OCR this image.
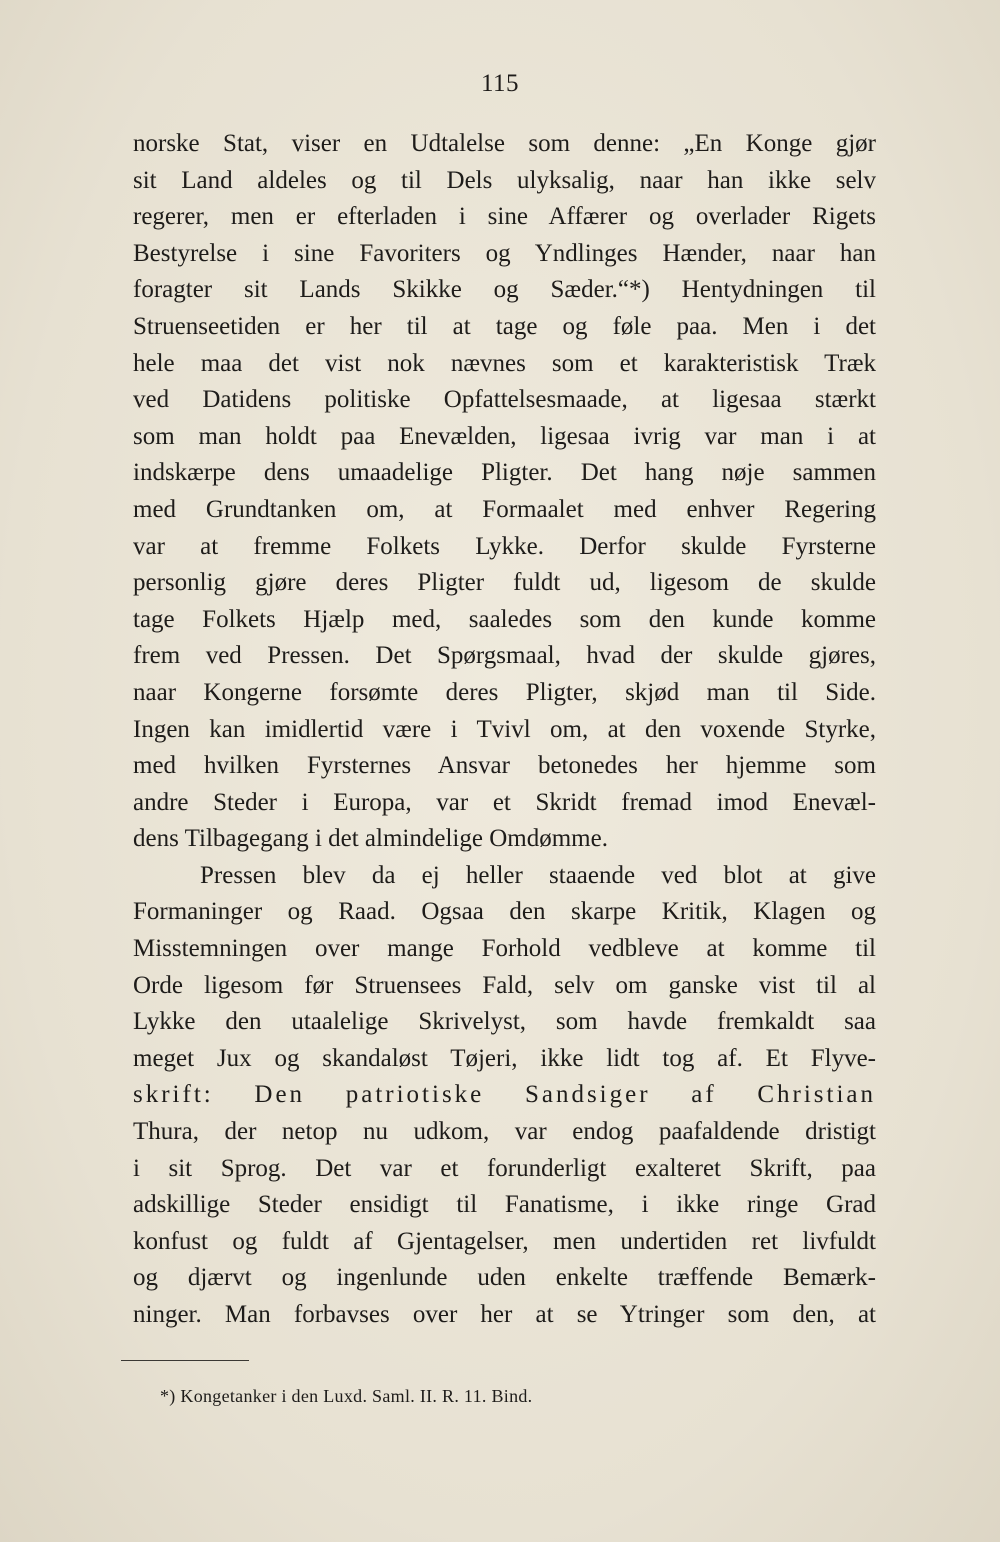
115
norske Stat, viser en Udtalelse som denne: „En Konge gjør
sit Land aldeles og til Dels ulyksalig, naar han ikke selv
regerer, men er efterladen i sine Affærer og overlader Rigets
Bestyrelse i sine Favoriters og Yndlinges Hænder, naar han
foragter sit Lands Skikke og Sæder.“*) Hentydningen til
Struenseetiden er her til at tage og føle paa. Men i det
hele maa det vist nok nævnes som et karakteristisk Træk
ved Datidens politiske Opfattelsesmaade, at ligesaa stærkt
som man holdt paa Enevælden, ligesaa ivrig var man i at
indskærpe dens umaadelige Pligter. Det hang nøje sammen
med Grundtanken om, at Formaalet med enhver Regering
var at fremme Folkets Lykke. Derfor skulde Fyrsterne
personlig gjøre deres Pligter fuldt ud, ligesom de skulde
tage Folkets Hjælp med, saaledes som den kunde komme
frem ved Pressen. Det Spørgsmaal, hvad der skulde gjøres,
naar Kongerne forsømte deres Pligter, skjød man til Side.
Ingen kan imidlertid være i Tvivl om, at den voxende Styrke,
med hvilken Fyrsternes Ansvar betonedes her hjemme som
andre Steder i Europa, var et Skridt fremad imod Enevæl-
dens Tilbagegang i det almindelige Omdømme.
Pressen blev da ej heller staaende ved blot at give
Formaninger og Raad. Ogsaa den skarpe Kritik, Klagen og
Misstemningen over mange Forhold vedbleve at komme til
Orde ligesom før Struensees Fald, selv om ganske vist til al
Lykke den utaalelige Skrivelyst, som havde fremkaldt saa
meget Jux og skandaløst Tøjeri, ikke lidt tog af. Et Flyve-
skrift: Den patriotiske Sandsiger af Christian
Thura, der netop nu udkom, var endog paafaldende dristigt
i sit Sprog. Det var et forunderligt exalteret Skrift, paa
adskillige Steder ensidigt til Fanatisme, i ikke ringe Grad
konfust og fuldt af Gjentagelser, men undertiden ret livfuldt
og djærvt og ingenlunde uden enkelte træffende Bemærk-
ninger. Man forbavses over her at se Ytringer som den, at
*) Kongetanker i den Luxd. Saml. II. R. 11. Bind.
